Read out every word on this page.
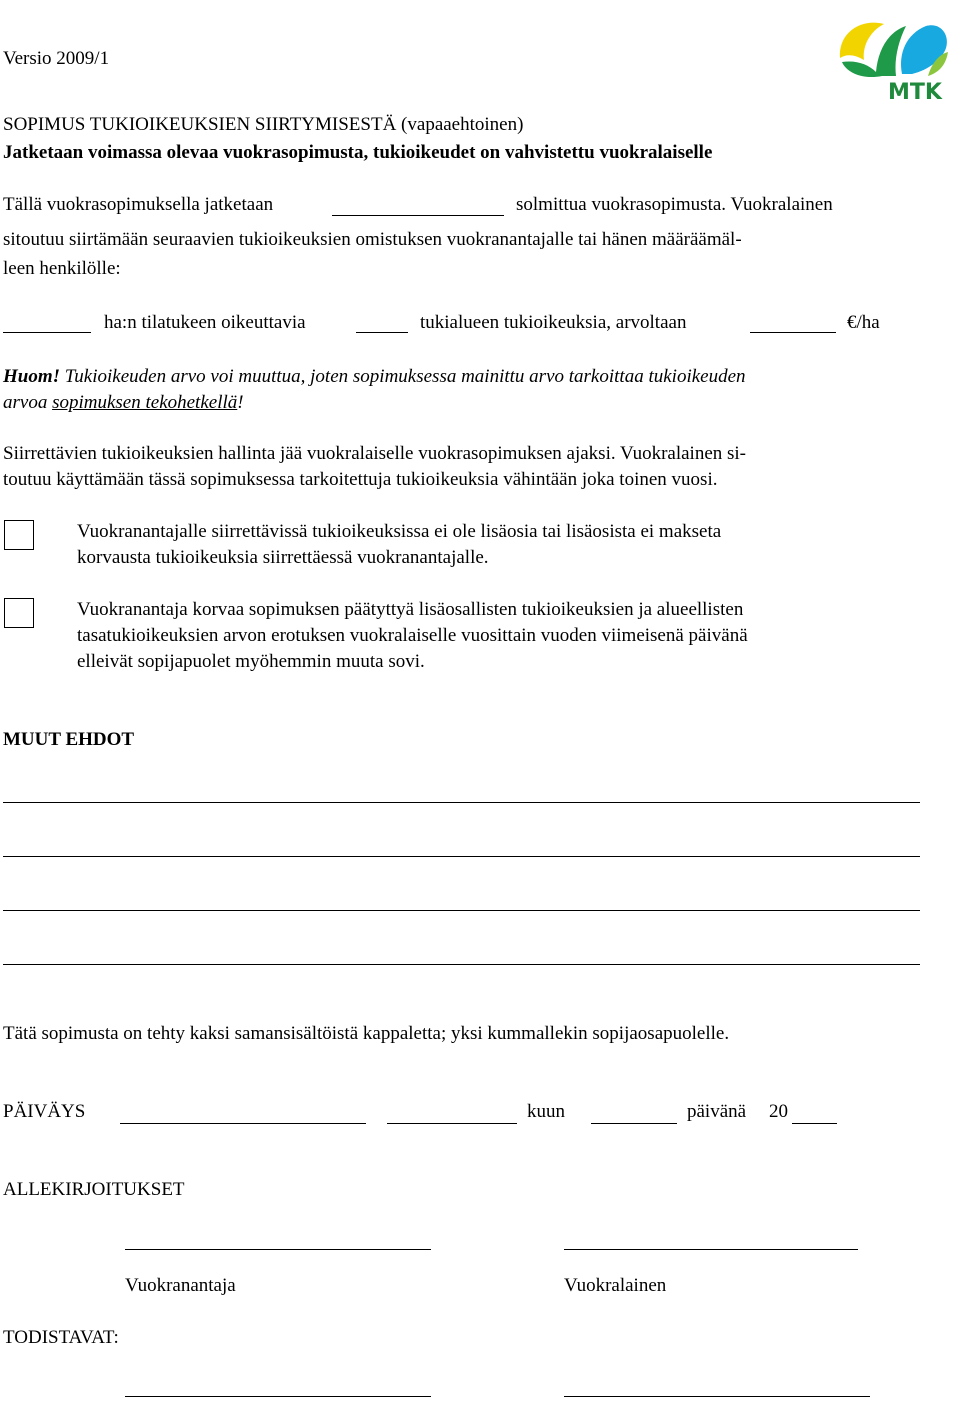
Versio 2009/1
MTK
SOPIMUS TUKIOIKEUKSIEN SIIRTYMISESTÄ (vapaaehtoinen)
Jatketaan voimassa olevaa vuokrasopimusta, tukioikeudet on vahvistettu vuokralaiselle
Tällä vuokrasopimuksella jatketaan	solmittua vuokrasopimusta. Vuokralainen
sitoutuu siirtämään seuraavien tukioikeuksien omistuksen vuokranantajalle tai hänen määräämäl-
leen henkilölle:
ha:n tilatukeen oikeuttavia	tukialueen tukioikeuksia, arvoltaan	€/ha
Huom! Tukioikeuden arvo voi muuttua, joten sopimuksessa mainittu arvo tarkoittaa tukioikeuden
arvoa sopimuksen tekohetkellä!
Siirrettävien tukioikeuksien hallinta jää vuokralaiselle vuokrasopimuksen ajaksi. Vuokralainen si-
toutuu käyttämään tässä sopimuksessa tarkoitettuja tukioikeuksia vähintään joka toinen vuosi.
Vuokranantajalle siirrettävissä tukioikeuksissa ei ole lisäosia tai lisäosista ei makseta
korvausta tukioikeuksia siirrettäessä vuokranantajalle.
Vuokranantaja korvaa sopimuksen päätyttyä lisäosallisten tukioikeuksien ja alueellisten
tasatukioikeuksien arvon erotuksen vuokralaiselle vuosittain vuoden viimeisenä päivänä
elleivät sopijapuolet myöhemmin muuta sovi.
MUUT EHDOT
Tätä sopimusta on tehty kaksi samansisältöistä kappaletta; yksi kummallekin sopijaosapuolelle.
PÄIVÄYS	kuun	päivänä 20
ALLEKIRJOITUKSET
Vuokranantaja	Vuokralainen
TODISTAVAT:
